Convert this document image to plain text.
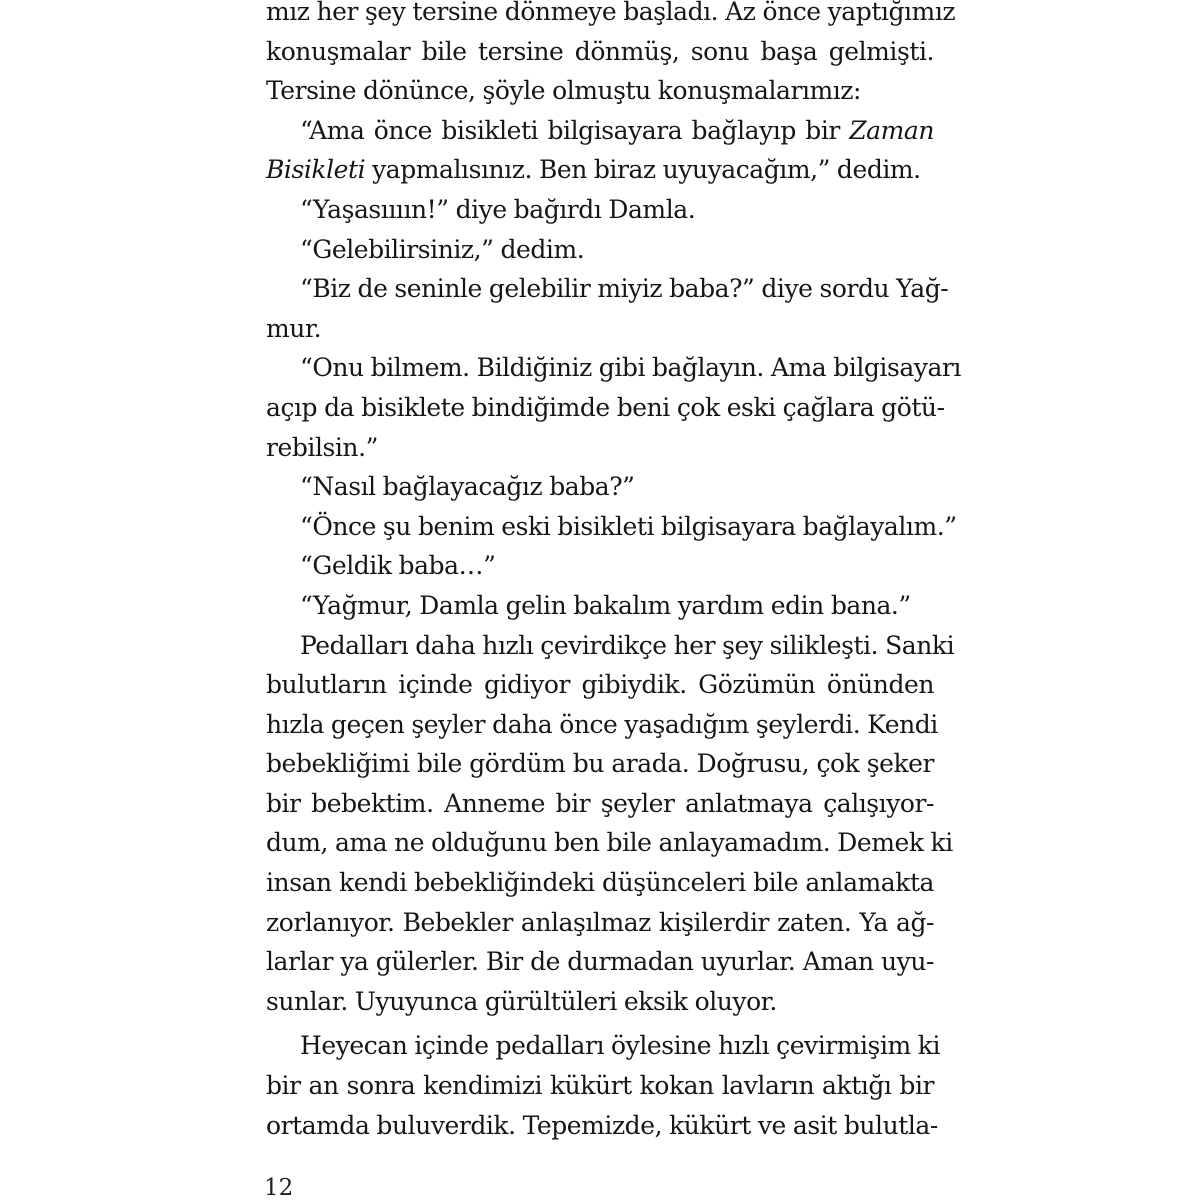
mız her şey tersine dönmeye başladı. Az önce yaptığımız
konuşmalar bile tersine dönmüş, sonu başa gelmişti.
Tersine dönünce, şöyle olmuştu konuşmalarımız:
“Ama önce bisikleti bilgisayara bağlayıp bir Zaman
Bisikleti yapmalısınız. Ben biraz uyuyacağım,” dedim.
“Yaşasıııın!” diye bağırdı Damla.
“Gelebilirsiniz,” dedim.
“Biz de seninle gelebilir miyiz baba?” diye sordu Yağ-
mur.
“Onu bilmem. Bildiğiniz gibi bağlayın. Ama bilgisayarı
açıp da bisiklete bindiğimde beni çok eski çağlara götü-
rebilsin.”
“Nasıl bağlayacağız baba?”
“Önce şu benim eski bisikleti bilgisayara bağlayalım.”
“Geldik baba…”
“Yağmur, Damla gelin bakalım yardım edin bana.”
Pedalları daha hızlı çevirdikçe her şey silikleşti. Sanki
bulutların içinde gidiyor gibiydik. Gözümün önünden
hızla geçen şeyler daha önce yaşadığım şeylerdi. Kendi
bebekliğimi bile gördüm bu arada. Doğrusu, çok şeker
bir bebektim. Anneme bir şeyler anlatmaya çalışıyor-
dum, ama ne olduğunu ben bile anlayamadım. Demek ki
insan kendi bebekliğindeki düşünceleri bile anlamakta
zorlanıyor. Bebekler anlaşılmaz kişilerdir zaten. Ya ağ-
larlar ya gülerler. Bir de durmadan uyurlar. Aman uyu-
sunlar. Uyuyunca gürültüleri eksik oluyor.
Heyecan içinde pedalları öylesine hızlı çevirmişim ki
bir an sonra kendimizi kükürt kokan lavların aktığı bir
ortamda buluverdik. Tepemizde, kükürt ve asit bulutla-
12
